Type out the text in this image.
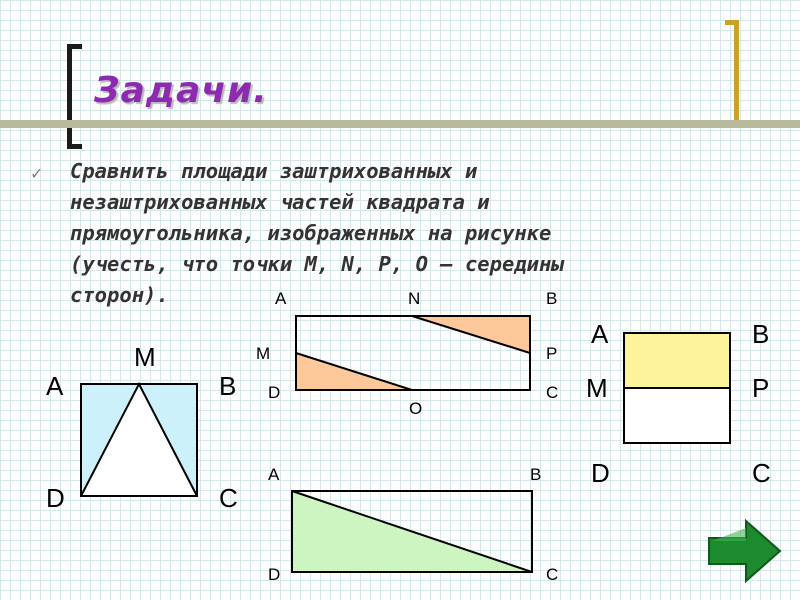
Задачи.
✓ Сравнить площади заштрихованных и
незаштрихованных частей квадрата и
прямоугольника, изображенных на рисунке
(учесть, что точки M, N, P, O – середины
сторон).

A
M
B
D	C
A	N	B
M	P
D
O
C
A	B
M	P
D	C
A	B
D	C
